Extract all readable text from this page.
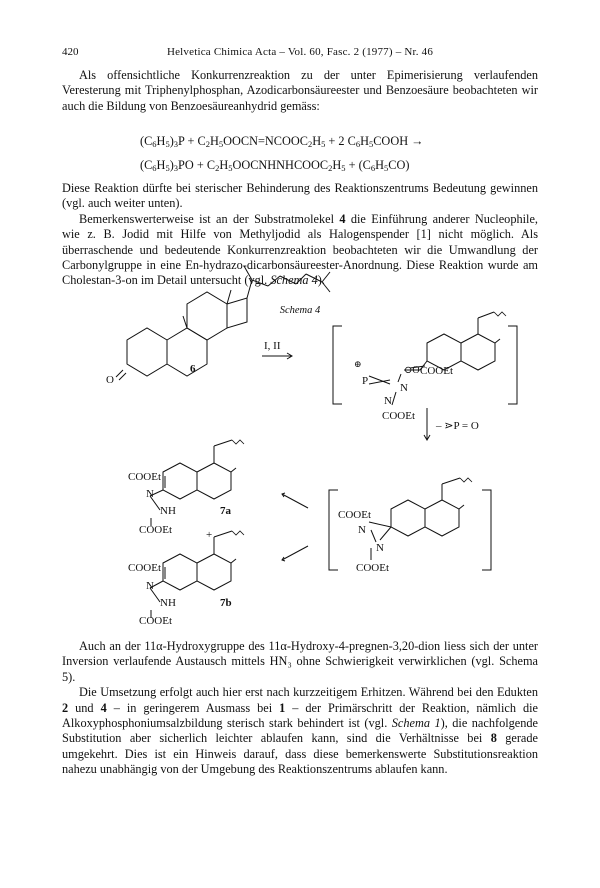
420	Helvetica Chimica Acta – Vol. 60, Fasc. 2 (1977) – Nr. 46

Als offensichtliche Konkurrenzreaktion zu der unter Epimerisierung verlaufenden Veresterung mit Triphenylphosphan, Azodicarbonsäureester und Benzoesäure beobachteten wir auch die Bildung von Benzoesäureanhydrid gemäss:

$(C_6H_5)_3P$ + $C_2H_5OOCN=NCOOC_2H_5 + 2$ $C_6H_5COOH$ →
$(C_6H_5)_3PO$ + $C_2H_5OOCNHNHCOOC_2H_5 + (C_6H_5CO)$

Diese Reaktion dürfte bei sterischer Behinderung des Reaktionszentrums Bedeutung gewinnen (vgl. auch weiter unten).

Bemerkenswerterweise ist an der Substratmolekel 4 die Einführung anderer Nucleophile, wie z. B. Jodid mit Hilfe von Methyljodid als Halogenspender [1] nicht möglich. Als überraschende und bedeutende Konkurrenzreaktion beobachteten wir die Umwandlung der Carbonylgruppe in eine En-hydrazo-dicarbonsäureester-Anordnung. Diese Reaktion wurde am Cholestan-3-on im Detail untersucht (vgl. Schema 4).

Schema 4
O
6
I, II
⊕
P
⊖O
N
N
COOEt
COOEt
– ⋗P = O
COOEt
N
NH
COOEt
7a
+
COOEt
N
N
COOEt
COOEt
N
NH
COOEt
7b

Auch an der 11α-Hydroxygruppe des 11α-Hydroxy-4-pregnen-3,20-dion liess sich der unter Inversion verlaufende Austausch mittels HN₃ ohne Schwierigkeit verwirklichen (vgl. Schema 5).

Die Umsetzung erfolgt auch hier erst nach kurzzeitigem Erhitzen. Während bei den Edukten 2 und 4 – in geringerem Ausmass bei 1 – der Primärschritt der Reaktion, nämlich die Alkoxyphosphoniumsalzbildung sterisch stark behindert ist (vgl. Schema 1), die nachfolgende Substitution aber sicherlich leichter ablaufen kann, sind die Verhältnisse bei 8 gerade umgekehrt. Dies ist ein Hinweis darauf, dass diese bemerkenswerte Substitutionsreaktion nahezu unabhängig von der Umgebung des Reaktionszentrums ablaufen kann.
